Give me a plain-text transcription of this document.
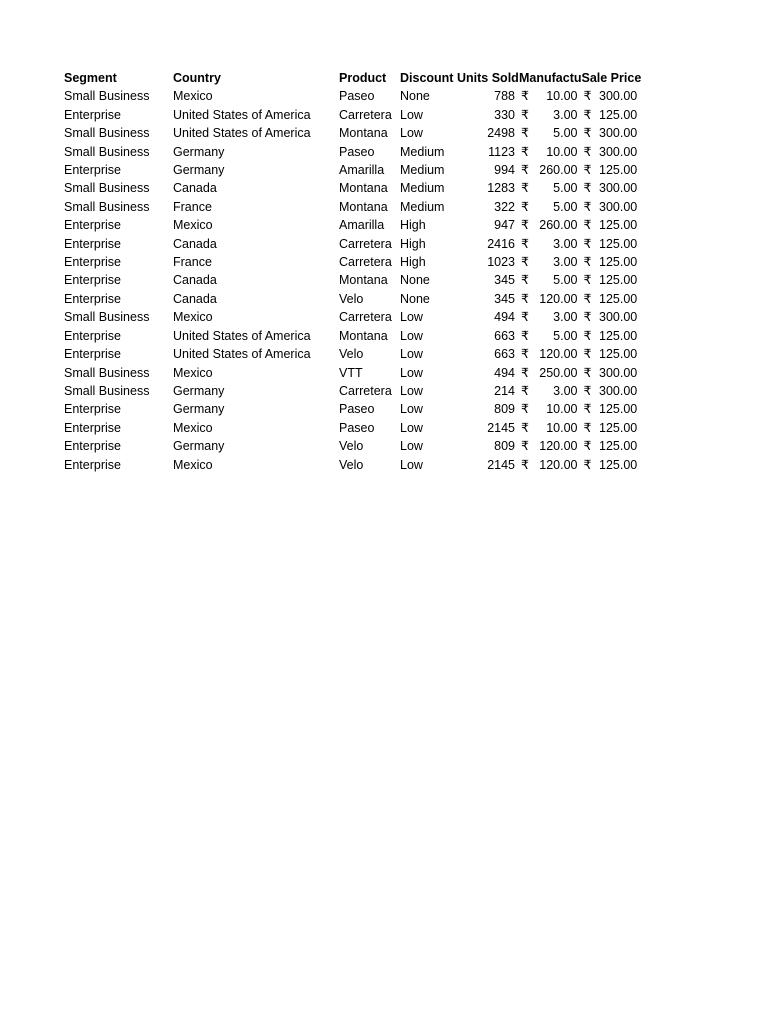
Segment	Country	Product	Discount	Units Sold	Manufactu	Sale Price
Small Business	Mexico	Paseo	None	788	₹ 10.00	₹ 300.00
Enterprise	United States of America	Carretera	Low	330	₹ 3.00	₹ 125.00
Small Business	United States of America	Montana	Low	2498	₹ 5.00	₹ 300.00
Small Business	Germany	Paseo	Medium	1123	₹ 10.00	₹ 300.00
Enterprise	Germany	Amarilla	Medium	994	₹ 260.00	₹ 125.00
Small Business	Canada	Montana	Medium	1283	₹ 5.00	₹ 300.00
Small Business	France	Montana	Medium	322	₹ 5.00	₹ 300.00
Enterprise	Mexico	Amarilla	High	947	₹ 260.00	₹ 125.00
Enterprise	Canada	Carretera	High	2416	₹ 3.00	₹ 125.00
Enterprise	France	Carretera	High	1023	₹ 3.00	₹ 125.00
Enterprise	Canada	Montana	None	345	₹ 5.00	₹ 125.00
Enterprise	Canada	Velo	None	345	₹ 120.00	₹ 125.00
Small Business	Mexico	Carretera	Low	494	₹ 3.00	₹ 300.00
Enterprise	United States of America	Montana	Low	663	₹ 5.00	₹ 125.00
Enterprise	United States of America	Velo	Low	663	₹ 120.00	₹ 125.00
Small Business	Mexico	VTT	Low	494	₹ 250.00	₹ 300.00
Small Business	Germany	Carretera	Low	214	₹ 3.00	₹ 300.00
Enterprise	Germany	Paseo	Low	809	₹ 10.00	₹ 125.00
Enterprise	Mexico	Paseo	Low	2145	₹ 10.00	₹ 125.00
Enterprise	Germany	Velo	Low	809	₹ 120.00	₹ 125.00
Enterprise	Mexico	Velo	Low	2145	₹ 120.00	₹ 125.00
